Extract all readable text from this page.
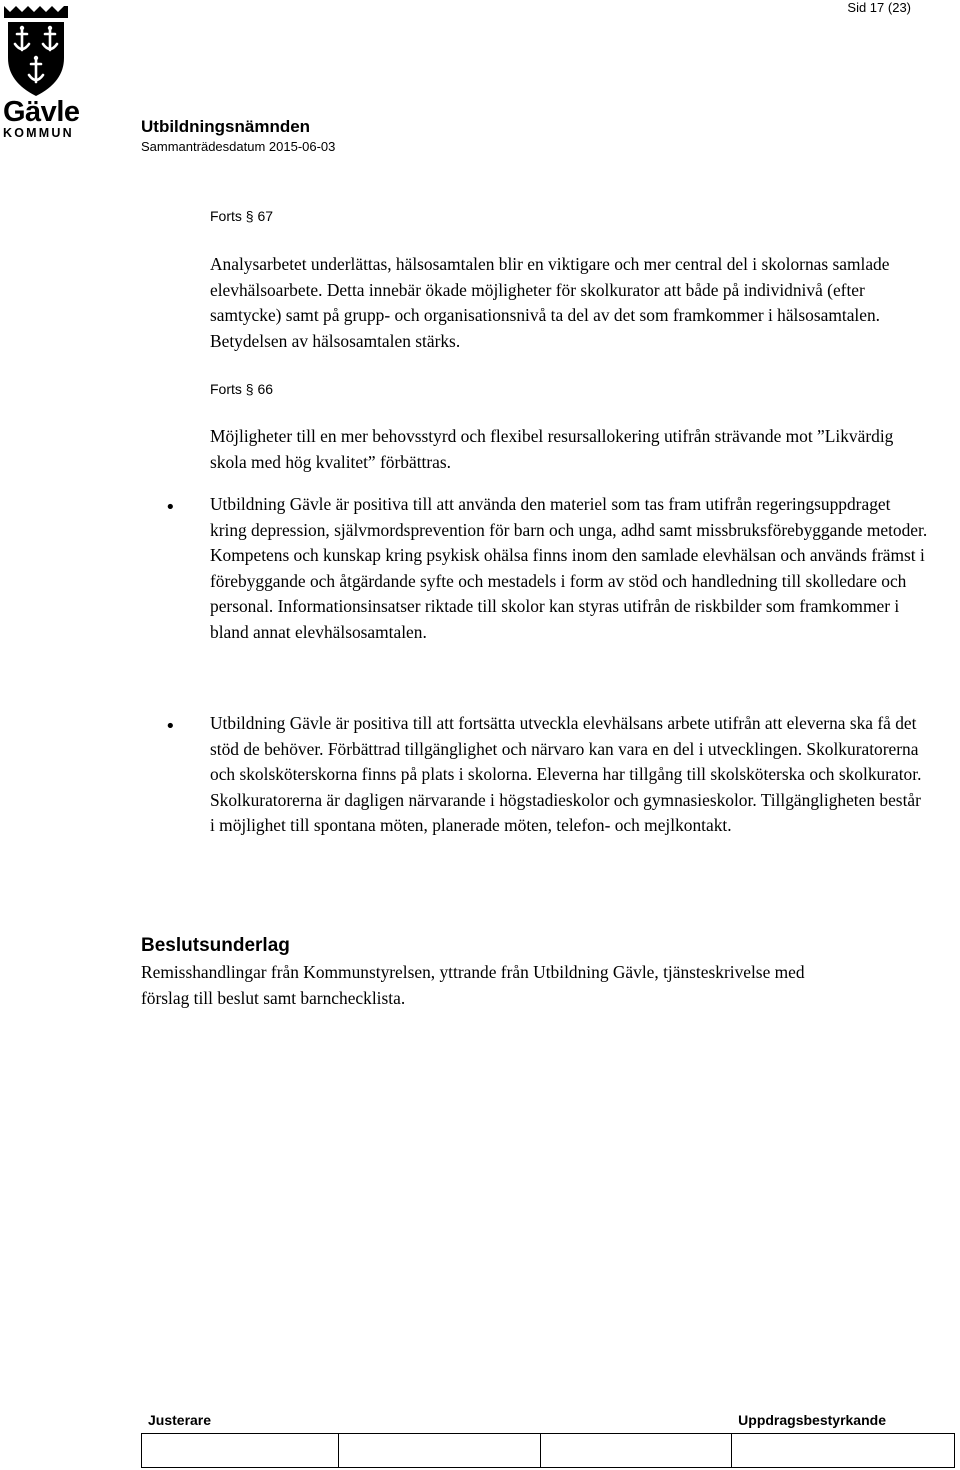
Gävle
KOMMUN
Sid 17 (23)
Utbildningsnämnden
Sammanträdesdatum 2015-06-03
Forts § 67
Analysarbetet underlättas, hälsosamtalen blir en viktigare och mer central del i skolornas samlade elevhälsoarbete. Detta innebär ökade möjligheter för skolkurator att både på individnivå (efter samtycke) samt på grupp- och organisationsnivå ta del av det som framkommer i hälsosamtalen. Betydelsen av hälsosamtalen stärks.
Forts § 66
Möjligheter till en mer behovsstyrd och flexibel resursallokering utifrån strävande mot ”Likvärdig skola med hög kvalitet” förbättras.
• Utbildning Gävle är positiva till att använda den materiel som tas fram utifrån regeringsuppdraget kring depression, självmordsprevention för barn och unga, adhd samt missbruksförebyggande metoder. Kompetens och kunskap kring psykisk ohälsa finns inom den samlade elevhälsan och används främst i förebyggande och åtgärdande syfte och mestadels i form av stöd och handledning till skolledare och personal. Informationsinsatser riktade till skolor kan styras utifrån de riskbilder som framkommer i bland annat elevhälsosamtalen.
• Utbildning Gävle är positiva till att fortsätta utveckla elevhälsans arbete utifrån att eleverna ska få det stöd de behöver. Förbättrad tillgänglighet och närvaro kan vara en del i utvecklingen. Skolkuratorerna och skolsköterskorna finns på plats i skolorna. Eleverna har tillgång till skolsköterska och skolkurator. Skolkuratorerna är dagligen närvarande i högstadieskolor och gymnasieskolor. Tillgängligheten består i möjlighet till spontana möten, planerade möten, telefon- och mejlkontakt.
Beslutsunderlag
Remisshandlingar från Kommunstyrelsen, yttrande från Utbildning Gävle, tjänsteskrivelse med förslag till beslut samt barnchecklista.
Justerare			Uppdragsbestyrkande
